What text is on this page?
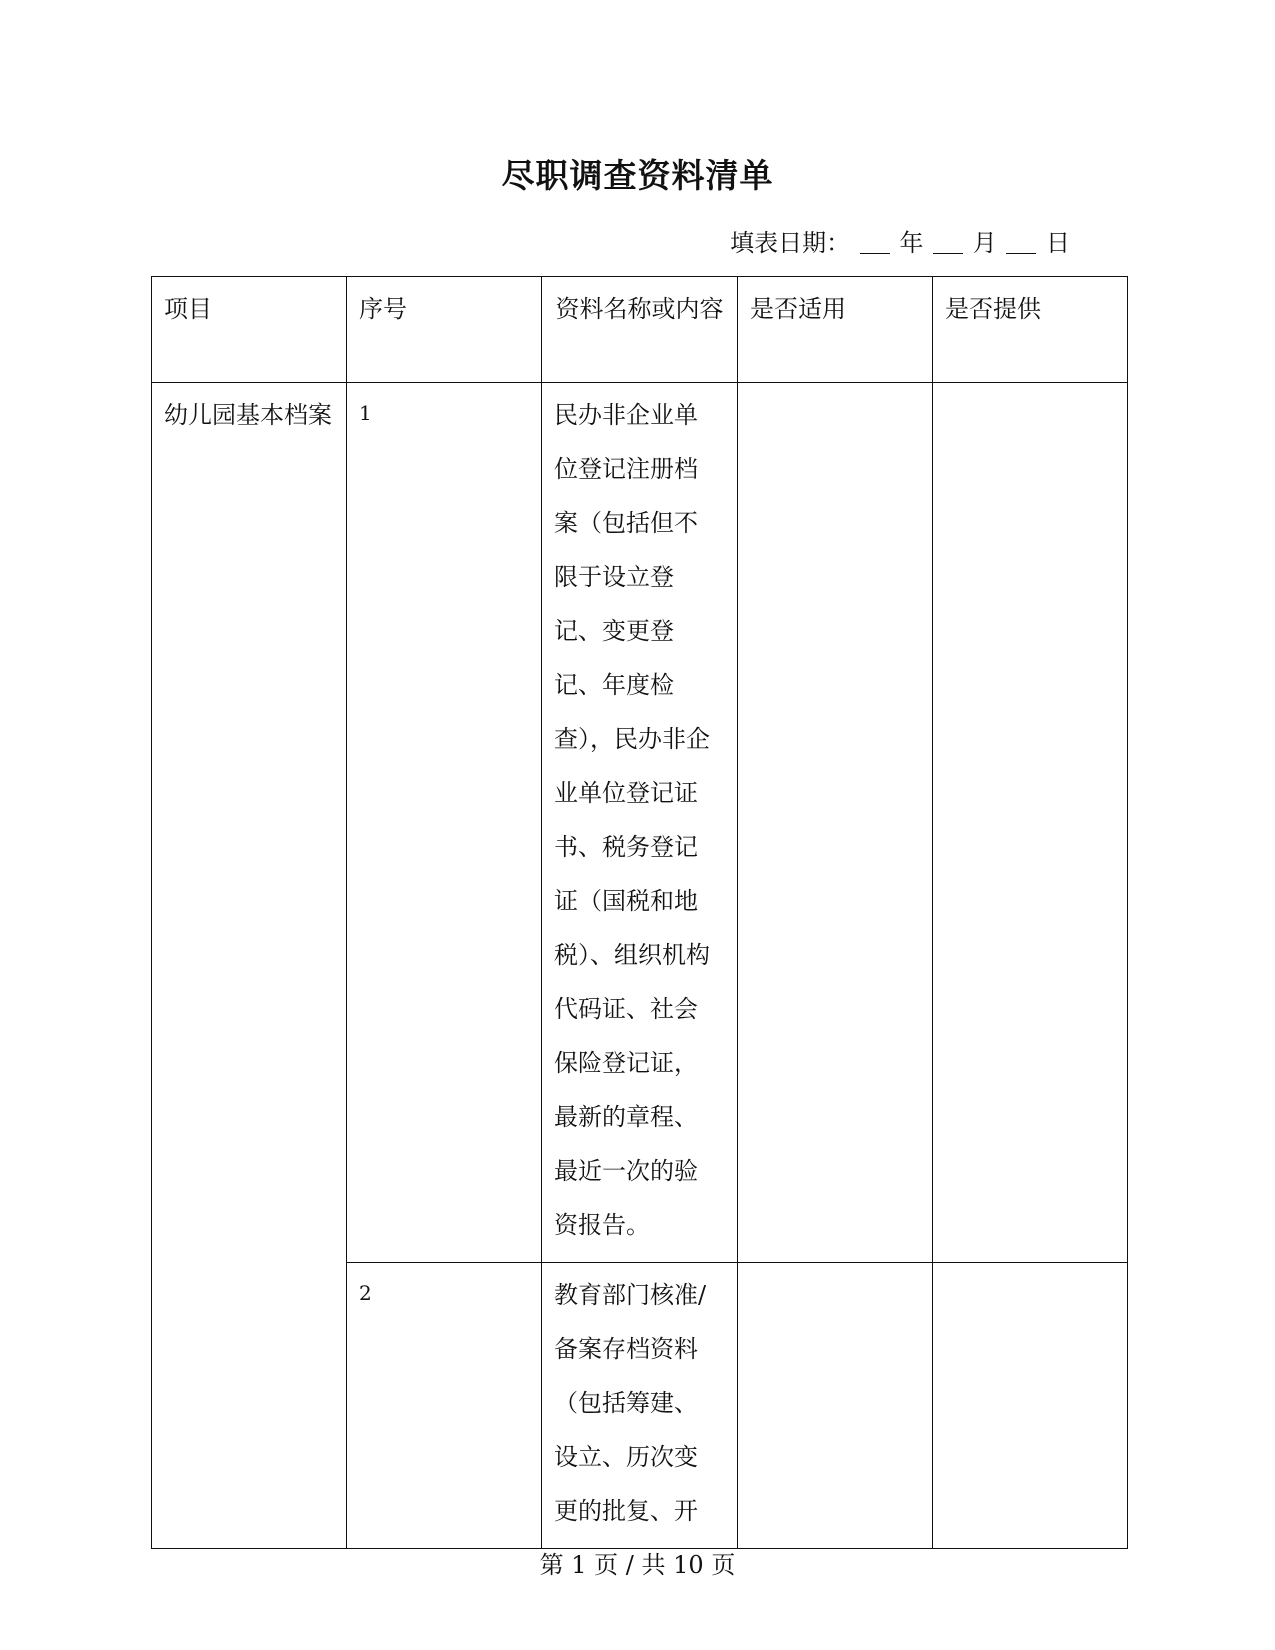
尽职调查资料清单
填表日期： 年 月 日
项目	序号	资料名称或内容	是否适用	是否提供
幼儿园基本档案	1	民办非企业单位登记注册档案（包括但不限于设立登记、变更登记、年度检查），民办非企业单位登记证书、税务登记证（国税和地税）、组织机构代码证、社会保险登记证，最新的章程、最近一次的验资报告。		
	2	教育部门核准/备案存档资料（包括筹建、设立、历次变更的批复、开		
第 1 页 / 共 10 页
